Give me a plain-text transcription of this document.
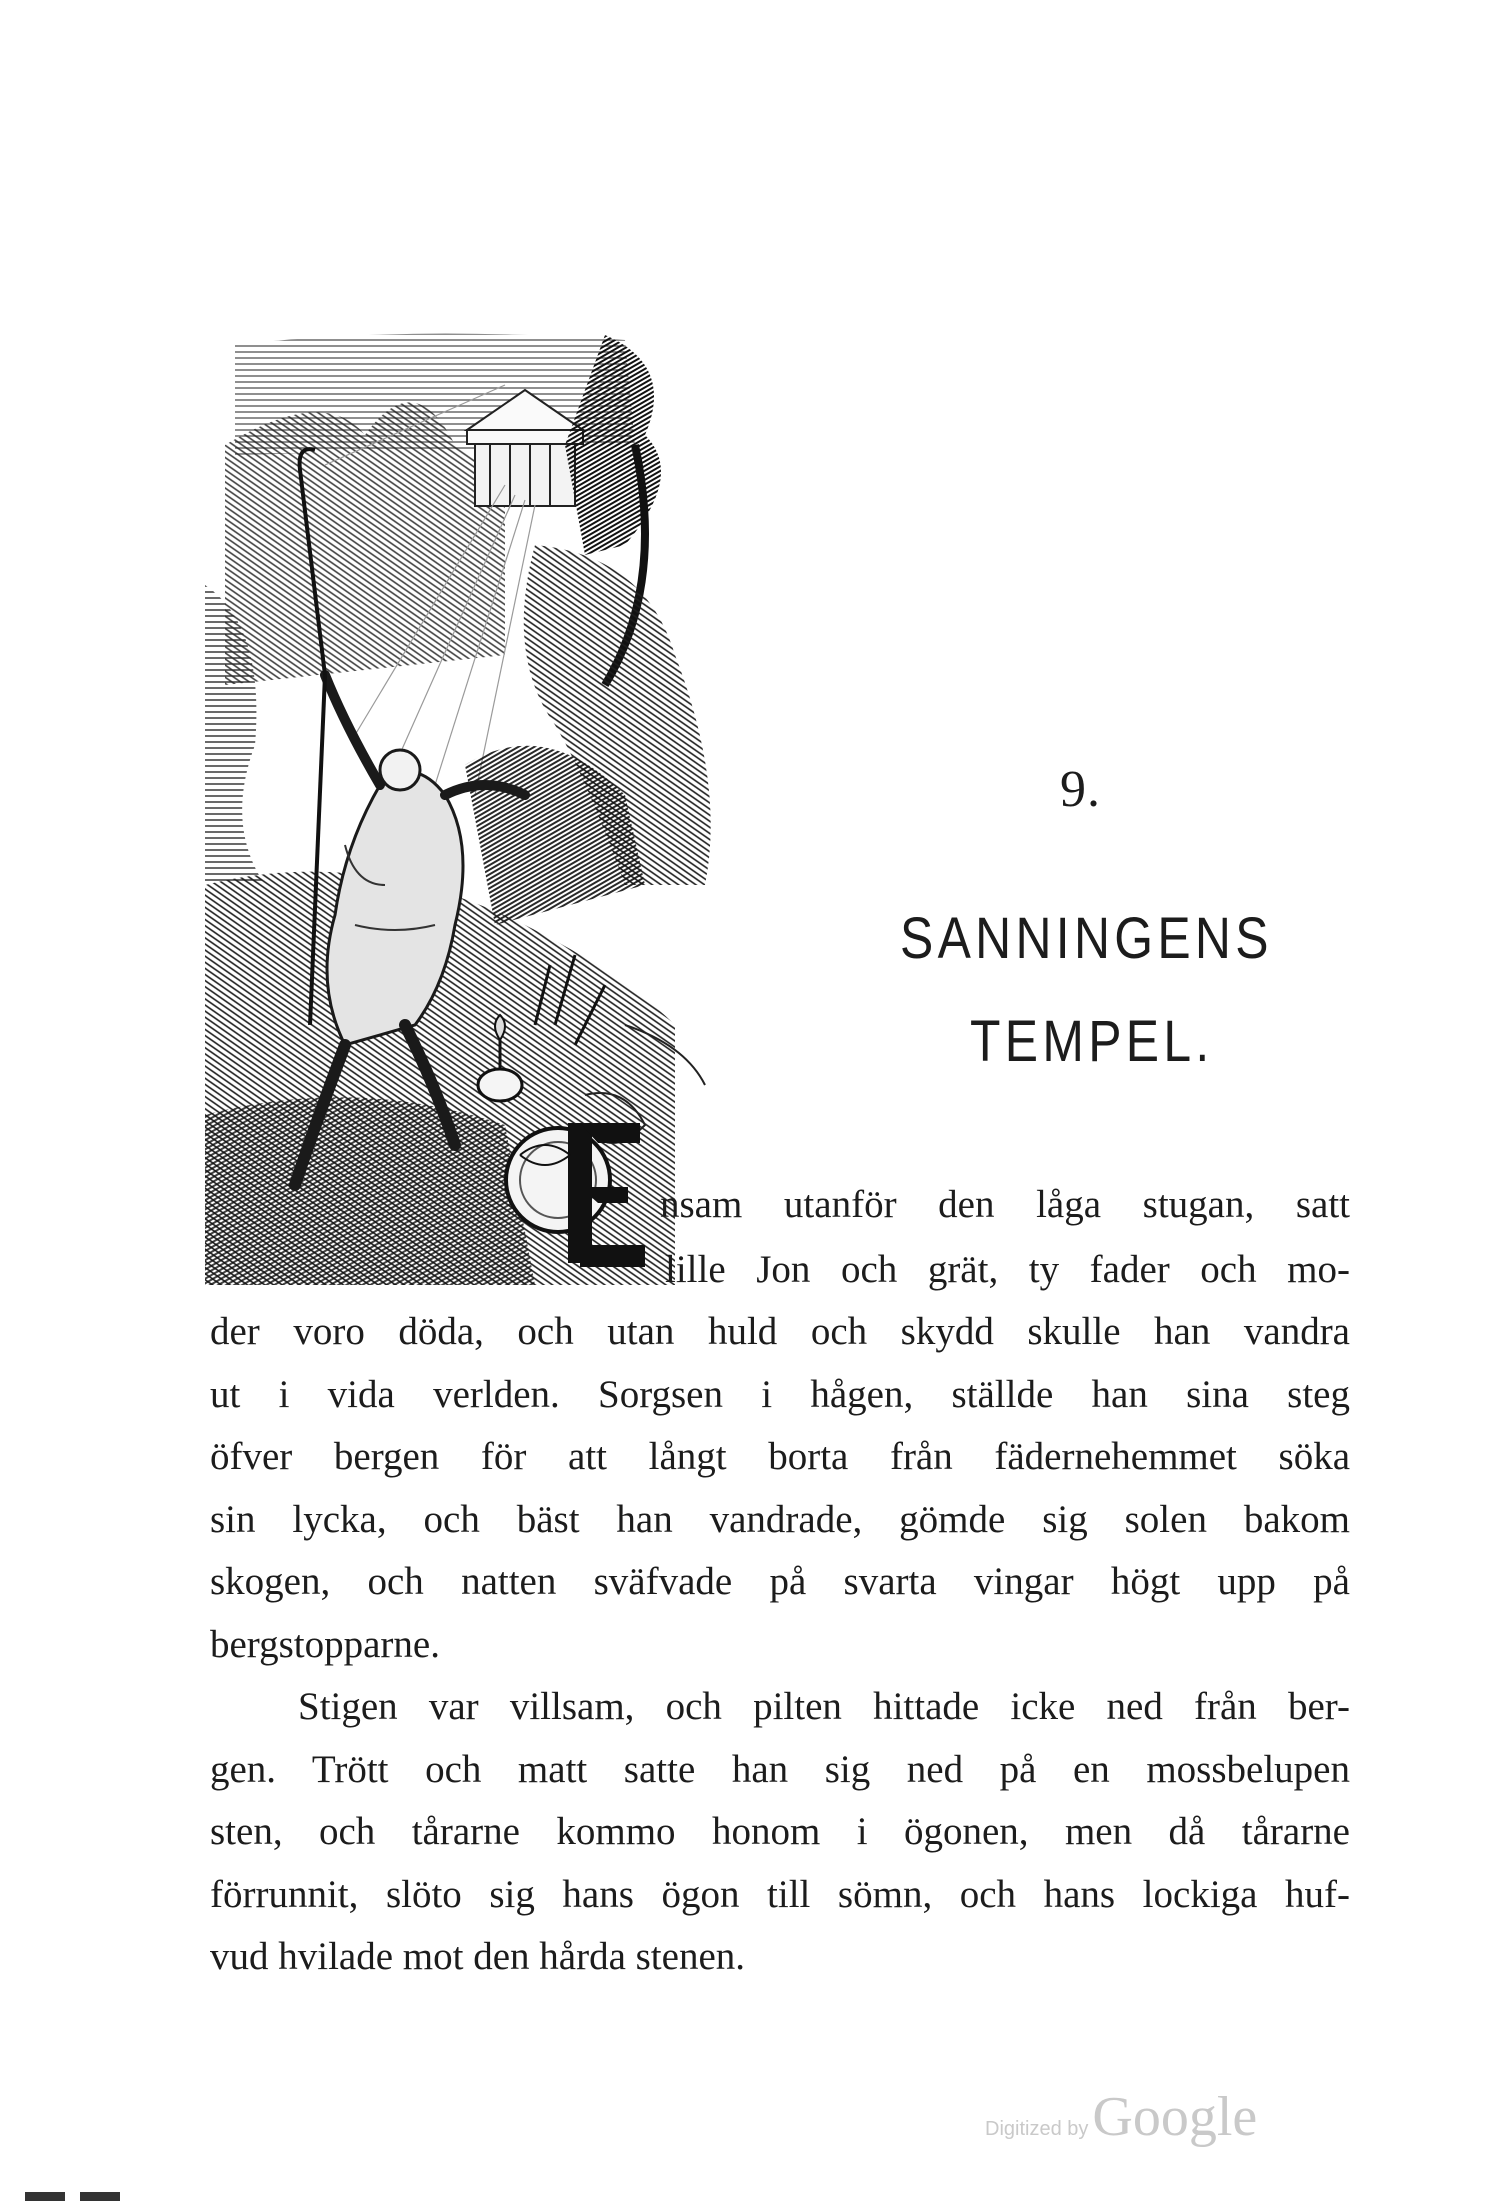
9.
SANNINGENS
TEMPEL.
nsam utanför den låga stugan, satt
lille Jon och grät, ty fader och mo-
der voro döda, och utan huld och skydd skulle han vandra
ut i vida verlden. Sorgsen i hågen, ställde han sina steg
öfver bergen för att långt borta från fädernehemmet söka
sin lycka, och bäst han vandrade, gömde sig solen bakom
skogen, och natten sväfvade på svarta vingar högt upp på
bergstopparne.
Stigen var villsam, och pilten hittade icke ned från ber-
gen. Trött och matt satte han sig ned på en mossbelupen
sten, och tårarne kommo honom i ögonen, men då tårarne
förrunnit, slöto sig hans ögon till sömn, och hans lockiga huf-
vud hvilade mot den hårda stenen.
Digitized by Google
